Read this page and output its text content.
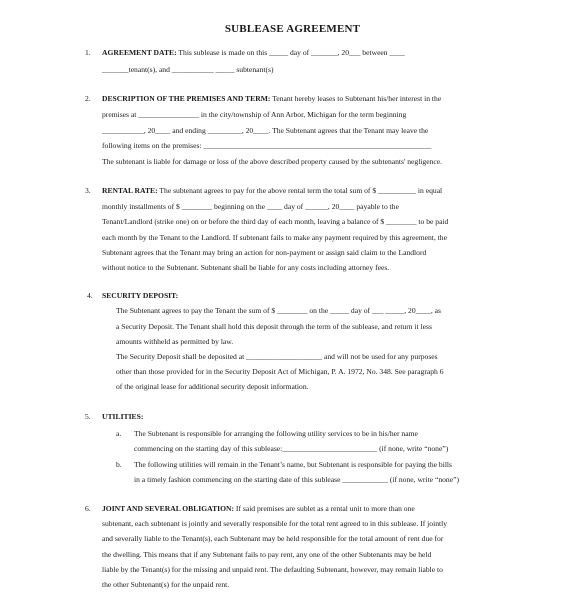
SUBLEASE AGREEMENT
1. AGREEMENT DATE: This sublease is made on this _____ day of _______, 20___ between ____
_______tenant(s), and ___________ _____ subtenant(s)
2. DESCRIPTION OF THE PREMISES AND TERM: Tenant hereby leases to Subtenant his/her interest in the
premises at ________________ in the city/township of Ann Arbor, Michigan for the term beginning
___________, 20____ and ending _________, 20____. The Subtenant agrees that the Tenant may leave the
following items on the premises: ____________________________________________________________
The subtenant is liable for damage or loss of the above described property caused by the subtenants' negligence.
3. RENTAL RATE: The subtenant agrees to pay for the above rental term the total sum of $ __________ in equal
monthly installments of $ ________ beginning on the ____ day of ______, 20____ payable to the
Tenant/Landlord (strike one) on or before the third day of each month, leaving a balance of $ ________ to be paid
each month by the Tenant to the Landlord. If subtenant fails to make any payment required by this agreement, the
Subtenant agrees that the Tenant may bring an action for non-payment or assign said claim to the Landlord
without notice to the Subtenant. Subtenant shall be liable for any costs including attorney fees.
4. SECURITY DEPOSIT:
The Subtenant agrees to pay the Tenant the sum of $ ________ on the _____ day of ___ _____, 20____, as
a Security Deposit. The Tenant shall hold this deposit through the term of the sublease, and return it less
amounts withheld as permitted by law.
The Security Deposit shall be deposited at ____________________ and will not be used for any purposes
other than those provided for in the Security Deposit Act of Michigan, P. A. 1972, No. 348. See paragraph 6
of the original lease for additional security deposit information.
5. UTILITIES:
a. The Subtenant is responsible for arranging the following utility services to be in his/her name
commencing on the starting day of this sublease:_________________________ (if none, write “none”)
b. The following utilities will remain in the Tenant’s name, but Subtenant is responsible for paying the bills
in a timely fashion commencing on the starting date of this sublease ____________ (if none, write “none”)
6. JOINT AND SEVERAL OBLIGATION: If said premises are sublet as a rental unit to more than one
subtenant, each subtenant is jointly and severally responsible for the total rent agreed to in this sublease. If jointly
and severally liable to the Tenant(s), each Subtenant may be held responsible for the total amount of rent due for
the dwelling. This means that if any Subtenant fails to pay rent, any one of the other Subtenants may be held
liable by the Tenant(s) for the missing and unpaid rent. The defaulting Subtenant, however, may remain liable to
the other Subtenant(s) for the unpaid rent.
